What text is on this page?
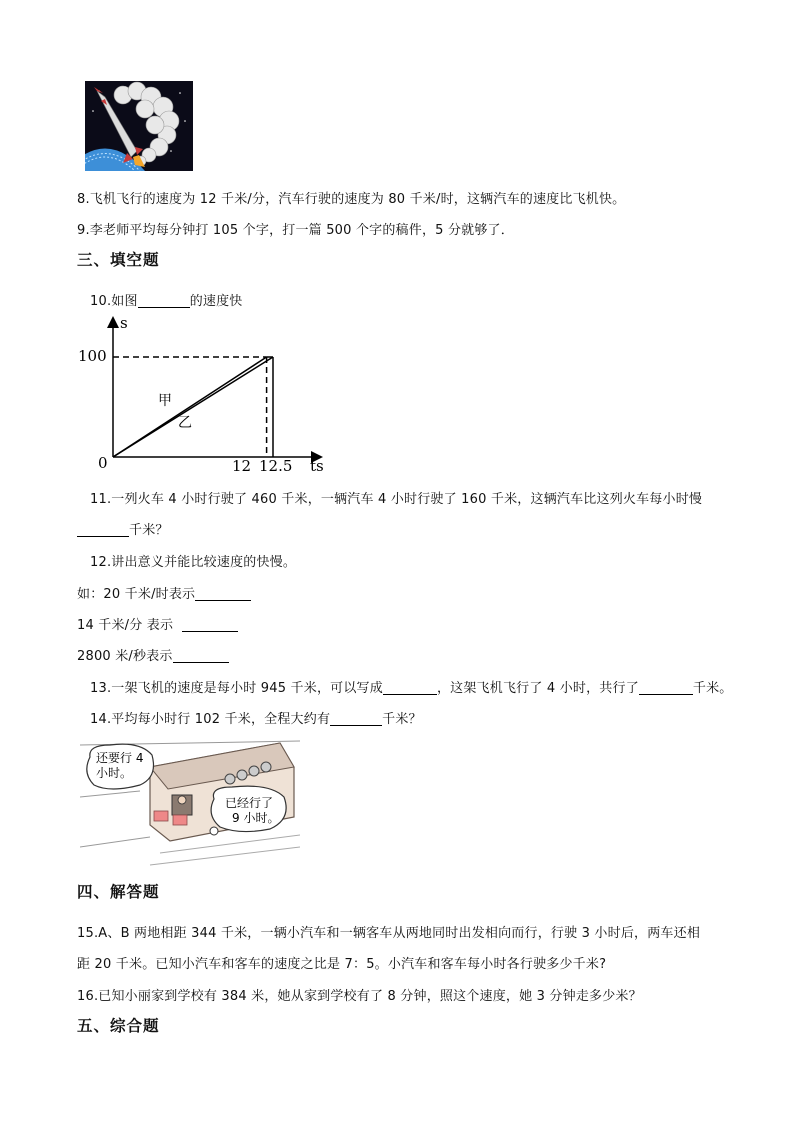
8.飞机飞行的速度为 12 千米/分，汽车行驶的速度为 80 千米/时，这辆汽车的速度比飞机快。
9.李老师平均每分钟打 105 个字，打一篇 500 个字的稿件，5 分就够了．
三、填空题
10.如图	的速度快
s
ts
0
100
12 12.5
甲
乙
11.一列火车 4 小时行驶了 460 千米，一辆汽车 4 小时行驶了 160 千米，这辆汽车比这列火车每小时慢
千米？
12.讲出意义并能比较速度的快慢。
如：20 千米/时表示
14 千米/分 表示
2800 米/秒表示
13.一架飞机的速度是每小时 945 千米，可以写成	，这架飞机飞行了 4 小时，共行了	千米。
14.平均每小时行 102 千米，全程大约有	千米？
还要行 4
小时。
已经行了
9 小时。
四、解答题
15.A、B 两地相距 344 千米，一辆小汽车和一辆客车从两地同时出发相向而行，行驶 3 小时后，两车还相
距 20 千米。已知小汽车和客车的速度之比是 7：5。小汽车和客车每小时各行驶多少千米?
16.已知小丽家到学校有 384 米，她从家到学校有了 8 分钟，照这个速度，她 3 分钟走多少米？
五、综合题
